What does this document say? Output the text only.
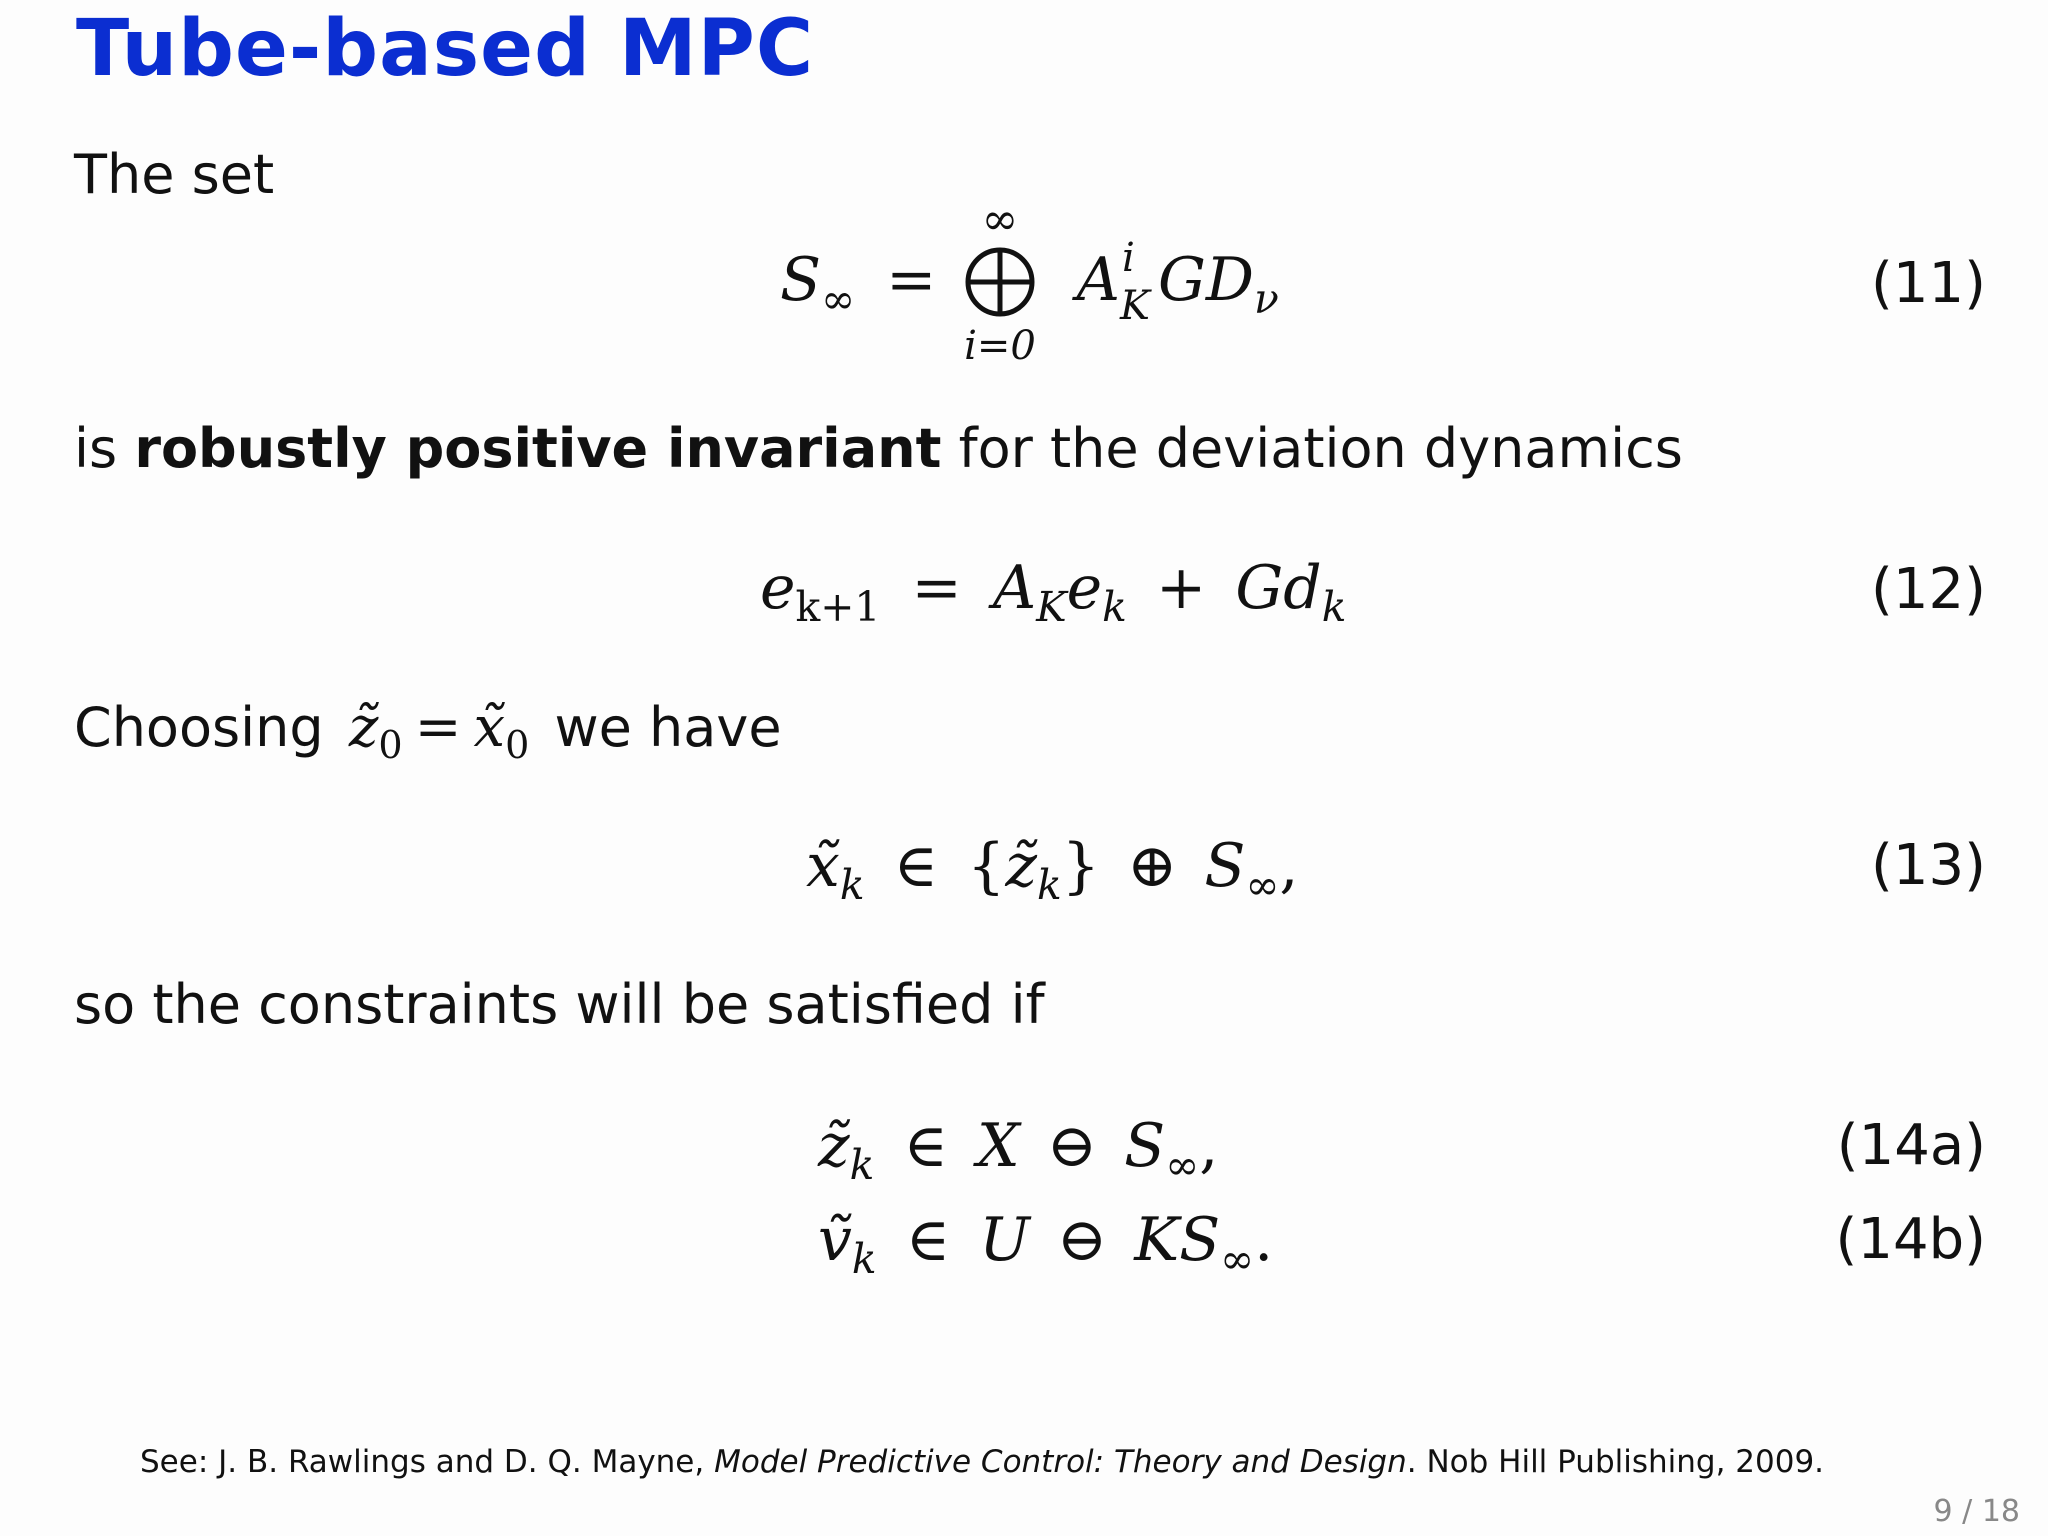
Tube-based MPC
The set
$S_\infty = A$ i
K $GD_\nu$
∞
i=0
(11)
is robustly positive invariant for the deviation dynamics
$e_{k+1} = A_Ke_k + Gd_k$	(12)
Choosing $z̃_0$ = $x̃_0$ we have
$x̃_k$ ∈ $\{z̃_k\}$ ⊕ $S_\infty$,	(13)
so the constraints will be satisfied if
$z̃_k$ ∈ X ⊖ $S_\infty$,	(14a)
ṽ$_k$ ∈ U ⊖ $KS_\infty$.	(14b)
See: J. B. Rawlings and D. Q. Mayne, Model Predictive Control: Theory and Design. Nob Hill Publishing, 2009.
9 / 18
